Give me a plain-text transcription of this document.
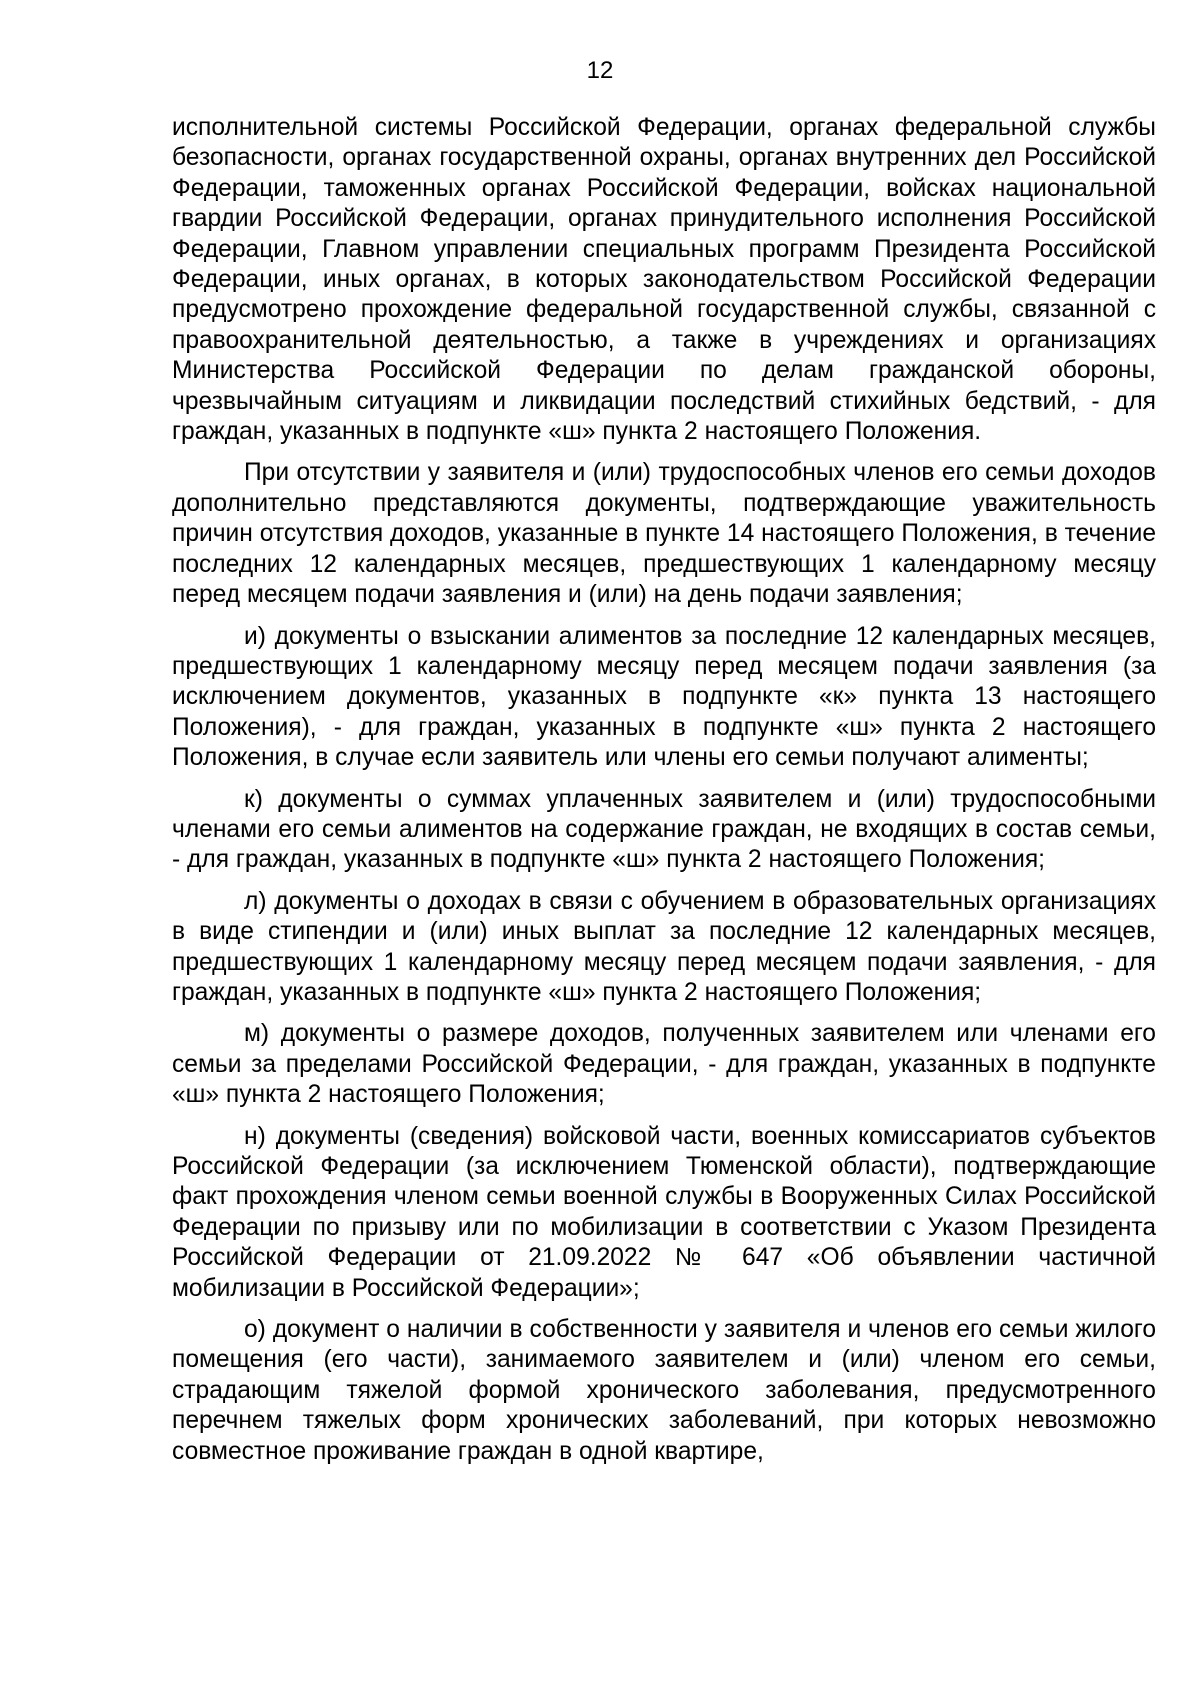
12

исполнительной системы Российской Федерации, органах федеральной службы безопасности, органах государственной охраны, органах внутренних дел Российской Федерации, таможенных органах Российской Федерации, войсках национальной гвардии Российской Федерации, органах принудительного исполнения Российской Федерации, Главном управлении специальных программ Президента Российской Федерации, иных органах, в которых законодательством Российской Федерации предусмотрено прохождение федеральной государственной службы, связанной с правоохранительной деятельностью, а также в учреждениях и организациях Министерства Российской Федерации по делам гражданской обороны, чрезвычайным ситуациям и ликвидации последствий стихийных бедствий, - для граждан, указанных в подпункте «ш» пункта 2 настоящего Положения.

При отсутствии у заявителя и (или) трудоспособных членов его семьи доходов дополнительно представляются документы, подтверждающие уважительность причин отсутствия доходов, указанные в пункте 14 настоящего Положения, в течение последних 12 календарных месяцев, предшествующих 1 календарному месяцу перед месяцем подачи заявления и (или) на день подачи заявления;

и) документы о взыскании алиментов за последние 12 календарных месяцев, предшествующих 1 календарному месяцу перед месяцем подачи заявления (за исключением документов, указанных в подпункте «к» пункта 13 настоящего Положения), - для граждан, указанных в подпункте «ш» пункта 2 настоящего Положения, в случае если заявитель или члены его семьи получают алименты;

к) документы о суммах уплаченных заявителем и (или) трудоспособными членами его семьи алиментов на содержание граждан, не входящих в состав семьи, - для граждан, указанных в подпункте «ш» пункта 2 настоящего Положения;

л) документы о доходах в связи с обучением в образовательных организациях в виде стипендии и (или) иных выплат за последние 12 календарных месяцев, предшествующих 1 календарному месяцу перед месяцем подачи заявления, - для граждан, указанных в подпункте «ш» пункта 2 настоящего Положения;

м) документы о размере доходов, полученных заявителем или членами его семьи за пределами Российской Федерации, - для граждан, указанных в подпункте «ш» пункта 2 настоящего Положения;

н) документы (сведения) войсковой части, военных комиссариатов субъектов Российской Федерации (за исключением Тюменской области), подтверждающие факт прохождения членом семьи военной службы в Вооруженных Силах Российской Федерации по призыву или по мобилизации в соответствии с Указом Президента Российской Федерации от 21.09.2022 № 647 «Об объявлении частичной мобилизации в Российской Федерации»;

о) документ о наличии в собственности у заявителя и членов его семьи жилого помещения (его части), занимаемого заявителем и (или) членом его семьи, страдающим тяжелой формой хронического заболевания, предусмотренного перечнем тяжелых форм хронических заболеваний, при которых невозможно совместное проживание граждан в одной квартире,
